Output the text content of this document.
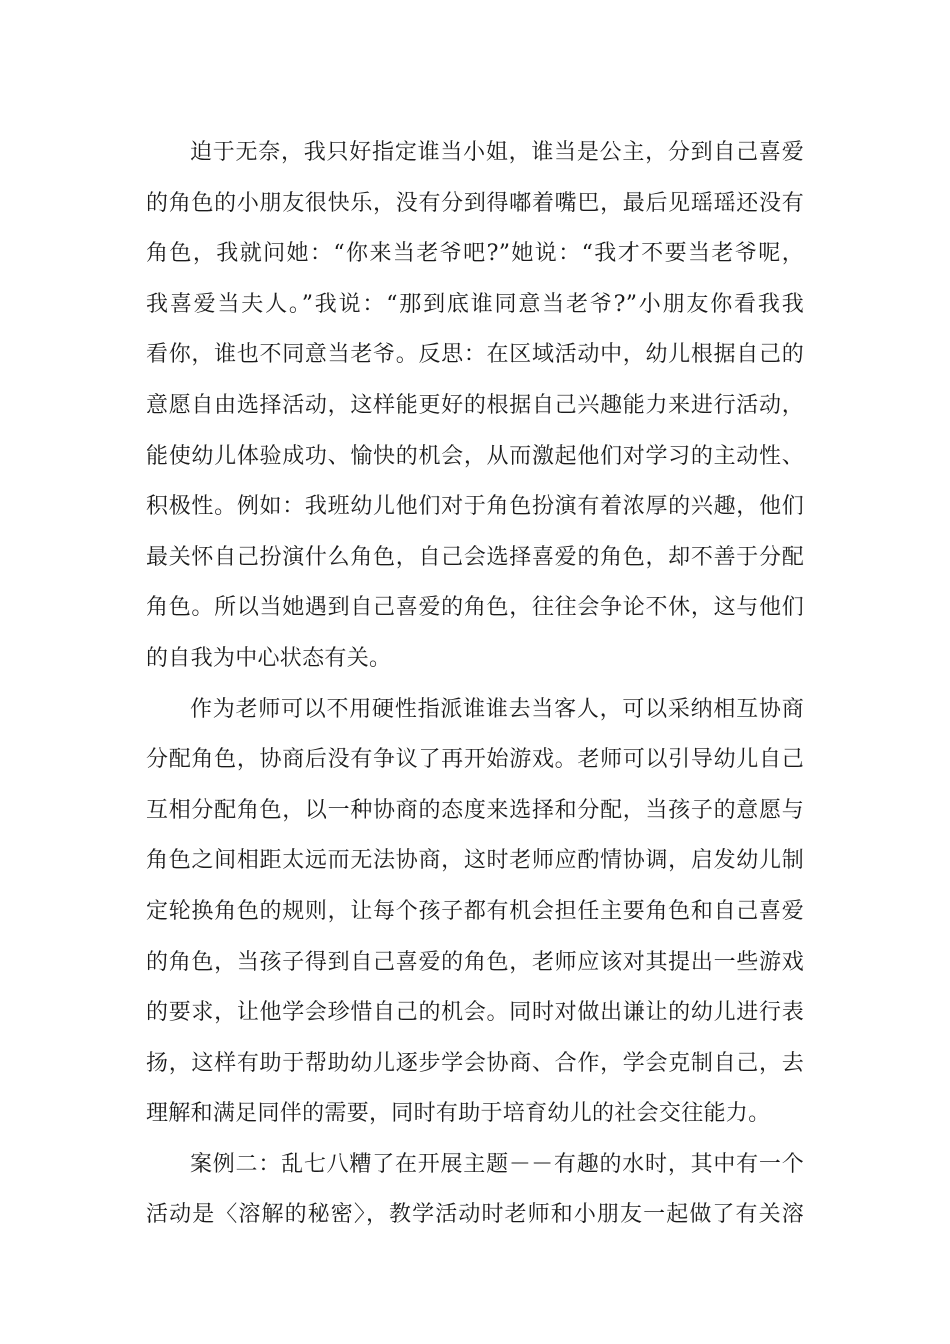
迫于无奈，我只好指定谁当小姐，谁当是公主，分到自己喜爱
的角色的小朋友很快乐，没有分到得嘟着嘴巴，最后见瑶瑶还没有
角色，我就问她：“你来当老爷吧?”她说：“我才不要当老爷呢，
我喜爱当夫人。”我说：“那到底谁同意当老爷?”小朋友你看我我
看你，谁也不同意当老爷。反思：在区域活动中，幼儿根据自己的
意愿自由选择活动，这样能更好的根据自己兴趣能力来进行活动，
能使幼儿体验成功、愉快的机会，从而激起他们对学习的主动性、
积极性。例如：我班幼儿他们对于角色扮演有着浓厚的兴趣，他们
最关怀自己扮演什么角色，自己会选择喜爱的角色，却不善于分配
角色。所以当她遇到自己喜爱的角色，往往会争论不休，这与他们
的自我为中心状态有关。
作为老师可以不用硬性指派谁谁去当客人，可以采纳相互协商
分配角色，协商后没有争议了再开始游戏。老师可以引导幼儿自己
互相分配角色，以一种协商的态度来选择和分配，当孩子的意愿与
角色之间相距太远而无法协商，这时老师应酌情协调，启发幼儿制
定轮换角色的规则，让每个孩子都有机会担任主要角色和自己喜爱
的角色，当孩子得到自己喜爱的角色，老师应该对其提出一些游戏
的要求，让他学会珍惜自己的机会。同时对做出谦让的幼儿进行表
扬，这样有助于帮助幼儿逐步学会协商、合作，学会克制自己，去
理解和满足同伴的需要，同时有助于培育幼儿的社会交往能力。
案例二：乱七八糟了在开展主题－－有趣的水时，其中有一个
活动是〈溶解的秘密〉，教学活动时老师和小朋友一起做了有关溶
